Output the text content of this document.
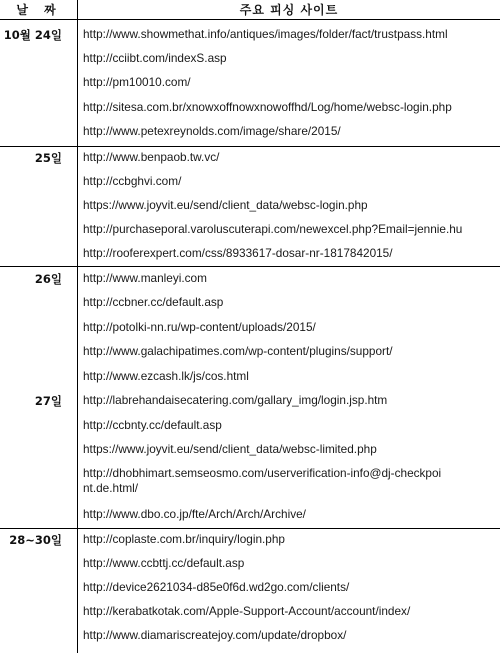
날 짜	주요 피싱 사이트
10월 24일 http://www.showmethat.info/antiques/images/folder/fact/trustpass.html
http://cciibt.com/indexS.asp
http://pm10010.com/
http://sitesa.com.br/xnowxoffnowxnowoffhd/Log/home/websc-login.php
http://www.petexreynolds.com/image/share/2015/
25일 http://www.benpaob.tw.vc/
http://ccbghvi.com/
https://www.joyvit.eu/send/client_data/websc-login.php
http://purchaseporal.varoluscuterapi.com/newexcel.php?Email=jennie.hu
http://rooferexpert.com/css/8933617-dosar-nr-1817842015/
26일 http://www.manleyi.com
http://ccbner.cc/default.asp
http://potolki-nn.ru/wp-content/uploads/2015/
http://www.galachipatimes.com/wp-content/plugins/support/
http://www.ezcash.lk/js/cos.html
27일 http://labrehandaisecatering.com/gallary_img/login.jsp.htm
http://ccbnty.cc/default.asp
https://www.joyvit.eu/send/client_data/websc-limited.php
http://dhobhimart.semseosmo.com/userverification-info@dj-checkpoint.de.html/
http://www.dbo.co.jp/fte/Arch/Arch/Archive/
28~30일 http://coplaste.com.br/inquiry/login.php
http://www.ccbttj.cc/default.asp
http://device2621034-d85e0f6d.wd2go.com/clients/
http://kerabatkotak.com/Apple-Support-Account/account/index/
http://www.diamariscreatejoy.com/update/dropbox/
